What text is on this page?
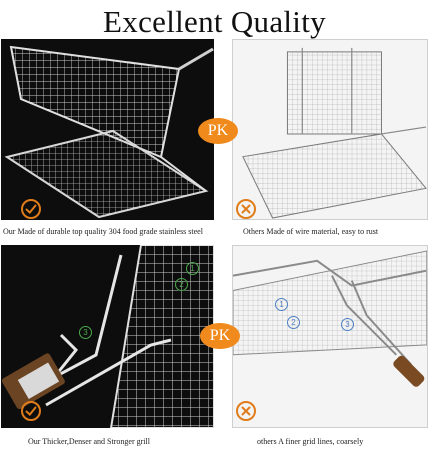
Excellent Quality
PK
PK
1
2
3
1
2	3
Our Made of durable top quality 304 food grade stainless steel	Others Made of wire material, easy to rust
Our Thicker,Denser and Stronger grill	others A finer grid lines, coarsely
